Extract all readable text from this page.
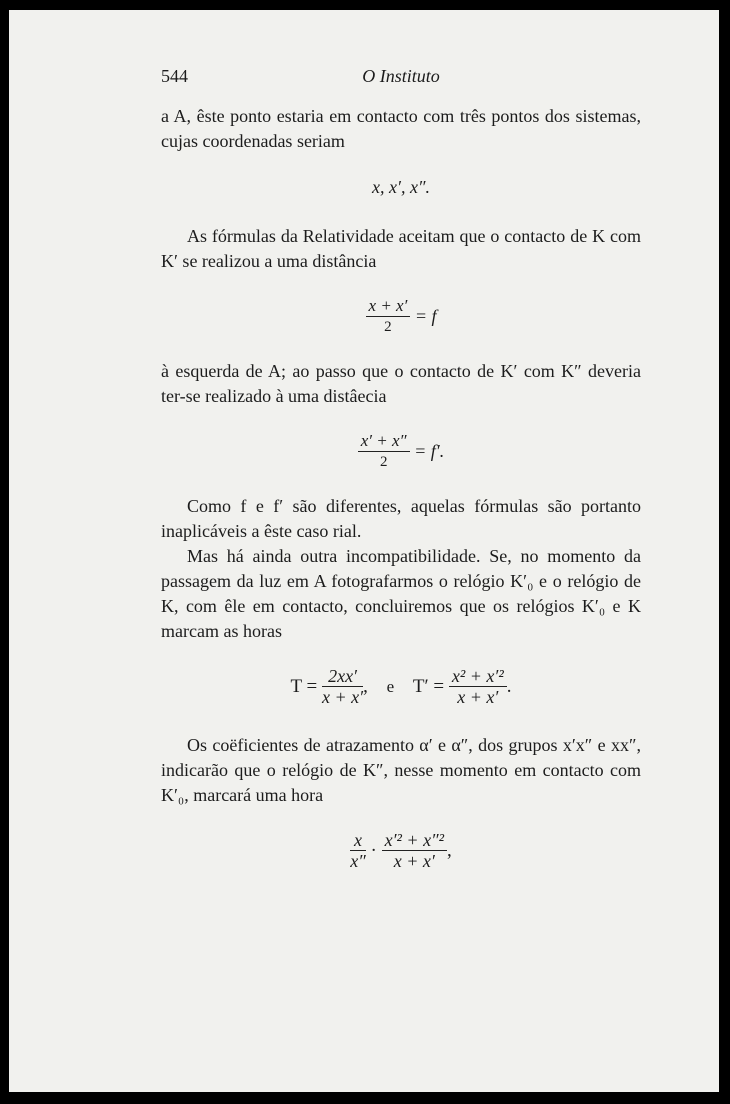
544	O Instituto

a A, êste ponto estaria em contacto com três pontos dos sistemas, cujas coordenadas seriam

x, x′, x″.

As fórmulas da Relatividade aceitam que o contacto de K com K′ se realizou a uma distância

$\frac{x + x'}{2} = f$

à esquerda de A; ao passo que o contacto de K′ com K″ deveria ter-se realizado à uma distâecia

$\frac{x' + x''}{2} = f'$.

Como f e f′ são diferentes, aquelas fórmulas são portanto inaplicáveis a êste caso rial.

Mas há ainda outra incompatibilidade. Se, no momento da passagem da luz em A fotografarmos o relógio K′₀ e o relógio de K, com êle em contacto, concluiremos que os relógios K′₀ e K marcam as horas

$T = \frac{2xx'}{x + x'}$ , e $T' = \frac{\text{x² + x′²}}{x + x'}$ .

Os coëficientes de atrazamento α′ e α″, dos grupos x′x″ e xx″, indicarão que o relógio de K″, nesse momento em contacto com K′₀, marcará uma hora

$\frac{x}{x''} \cdot \frac{\text{x′² + x″²}}{x + x'}$ ,
